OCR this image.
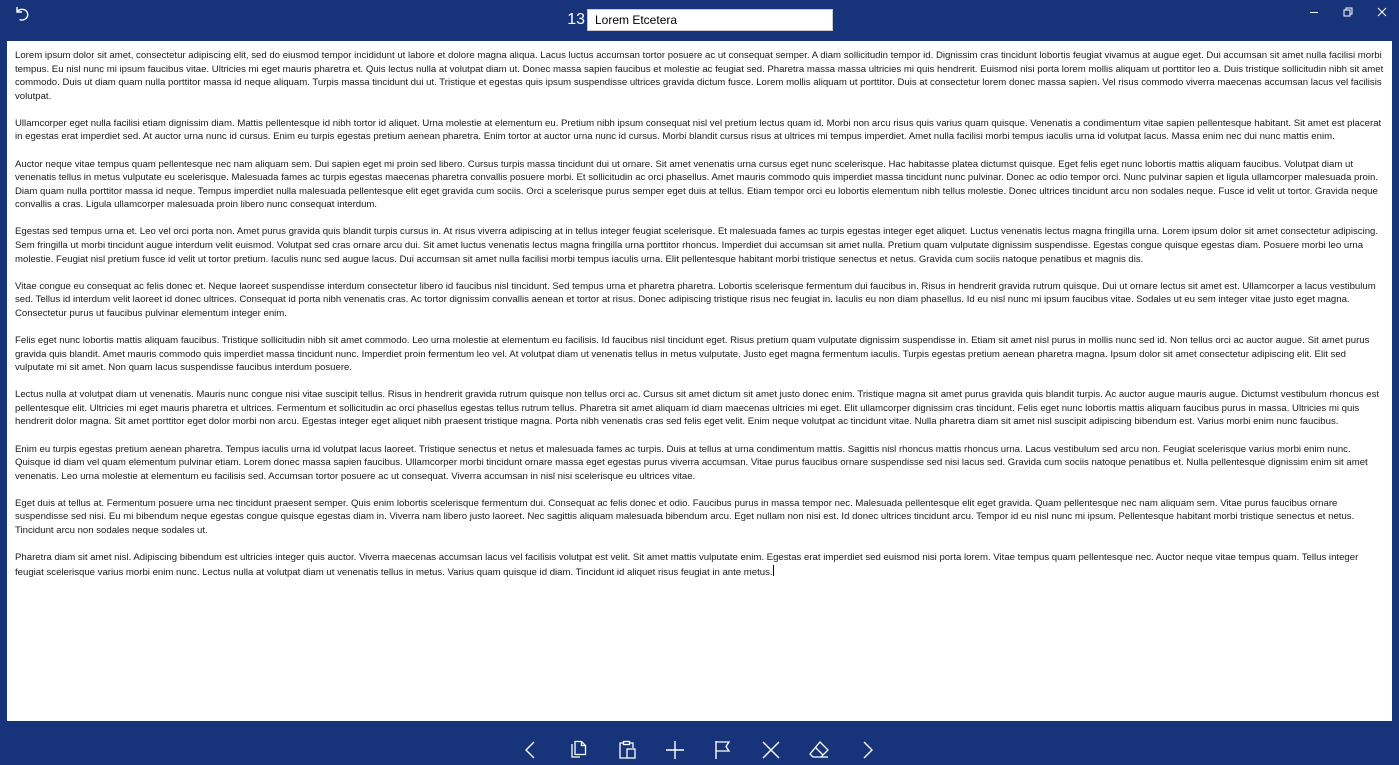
13
Lorem Etcetera

Lorem ipsum dolor sit amet, consectetur adipiscing elit, sed do eiusmod tempor incididunt ut labore et dolore magna aliqua. Lacus luctus accumsan tortor posuere ac ut consequat semper. A diam sollicitudin tempor id. Dignissim cras tincidunt lobortis feugiat vivamus at augue eget. Dui accumsan sit amet nulla facilisi morbi tempus. Eu nisl nunc mi ipsum faucibus vitae. Ultricies mi eget mauris pharetra et. Quis lectus nulla at volutpat diam ut. Donec massa sapien faucibus et molestie ac feugiat sed. Pharetra massa massa ultricies mi quis hendrerit. Euismod nisi porta lorem mollis aliquam ut porttitor leo a. Duis tristique sollicitudin nibh sit amet commodo. Duis ut diam quam nulla porttitor massa id neque aliquam. Turpis massa tincidunt dui ut. Tristique et egestas quis ipsum suspendisse ultrices gravida dictum fusce. Lorem mollis aliquam ut porttitor. Duis at consectetur lorem donec massa sapien. Vel risus commodo viverra maecenas accumsan lacus vel facilisis volutpat.

Ullamcorper eget nulla facilisi etiam dignissim diam. Mattis pellentesque id nibh tortor id aliquet. Urna molestie at elementum eu. Pretium nibh ipsum consequat nisl vel pretium lectus quam id. Morbi non arcu risus quis varius quam quisque. Venenatis a condimentum vitae sapien pellentesque habitant. Sit amet est placerat in egestas erat imperdiet sed. At auctor urna nunc id cursus. Enim eu turpis egestas pretium aenean pharetra. Enim tortor at auctor urna nunc id cursus. Morbi blandit cursus risus at ultrices mi tempus imperdiet. Amet nulla facilisi morbi tempus iaculis urna id volutpat lacus. Massa enim nec dui nunc mattis enim.

Auctor neque vitae tempus quam pellentesque nec nam aliquam sem. Dui sapien eget mi proin sed libero. Cursus turpis massa tincidunt dui ut ornare. Sit amet venenatis urna cursus eget nunc scelerisque. Hac habitasse platea dictumst quisque. Eget felis eget nunc lobortis mattis aliquam faucibus. Volutpat diam ut venenatis tellus in metus vulputate eu scelerisque. Malesuada fames ac turpis egestas maecenas pharetra convallis posuere morbi. Et sollicitudin ac orci phasellus. Amet mauris commodo quis imperdiet massa tincidunt nunc pulvinar. Donec ac odio tempor orci. Nunc pulvinar sapien et ligula ullamcorper malesuada proin. Diam quam nulla porttitor massa id neque. Tempus imperdiet nulla malesuada pellentesque elit eget gravida cum sociis. Orci a scelerisque purus semper eget duis at tellus. Etiam tempor orci eu lobortis elementum nibh tellus molestie. Donec ultrices tincidunt arcu non sodales neque. Fusce id velit ut tortor. Gravida neque convallis a cras. Ligula ullamcorper malesuada proin libero nunc consequat interdum.

Egestas sed tempus urna et. Leo vel orci porta non. Amet purus gravida quis blandit turpis cursus in. At risus viverra adipiscing at in tellus integer feugiat scelerisque. Et malesuada fames ac turpis egestas integer eget aliquet. Luctus venenatis lectus magna fringilla urna. Lorem ipsum dolor sit amet consectetur adipiscing. Sem fringilla ut morbi tincidunt augue interdum velit euismod. Volutpat sed cras ornare arcu dui. Sit amet luctus venenatis lectus magna fringilla urna porttitor rhoncus. Imperdiet dui accumsan sit amet nulla. Pretium quam vulputate dignissim suspendisse. Egestas congue quisque egestas diam. Posuere morbi leo urna molestie. Feugiat nisl pretium fusce id velit ut tortor pretium. Iaculis nunc sed augue lacus. Dui accumsan sit amet nulla facilisi morbi tempus iaculis urna. Elit pellentesque habitant morbi tristique senectus et netus. Gravida cum sociis natoque penatibus et magnis dis.

Vitae congue eu consequat ac felis donec et. Neque laoreet suspendisse interdum consectetur libero id faucibus nisl tincidunt. Sed tempus urna et pharetra pharetra. Lobortis scelerisque fermentum dui faucibus in. Risus in hendrerit gravida rutrum quisque. Dui ut ornare lectus sit amet est. Ullamcorper a lacus vestibulum sed. Tellus id interdum velit laoreet id donec ultrices. Consequat id porta nibh venenatis cras. Ac tortor dignissim convallis aenean et tortor at risus. Donec adipiscing tristique risus nec feugiat in. Iaculis eu non diam phasellus. Id eu nisl nunc mi ipsum faucibus vitae. Sodales ut eu sem integer vitae justo eget magna. Consectetur purus ut faucibus pulvinar elementum integer enim.

Felis eget nunc lobortis mattis aliquam faucibus. Tristique sollicitudin nibh sit amet commodo. Leo urna molestie at elementum eu facilisis. Id faucibus nisl tincidunt eget. Risus pretium quam vulputate dignissim suspendisse in. Etiam sit amet nisl purus in mollis nunc sed id. Non tellus orci ac auctor augue. Sit amet purus gravida quis blandit. Amet mauris commodo quis imperdiet massa tincidunt nunc. Imperdiet proin fermentum leo vel. At volutpat diam ut venenatis tellus in metus vulputate. Justo eget magna fermentum iaculis. Turpis egestas pretium aenean pharetra magna. Ipsum dolor sit amet consectetur adipiscing elit. Elit sed vulputate mi sit amet. Non quam lacus suspendisse faucibus interdum posuere.

Lectus nulla at volutpat diam ut venenatis. Mauris nunc congue nisi vitae suscipit tellus. Risus in hendrerit gravida rutrum quisque non tellus orci ac. Cursus sit amet dictum sit amet justo donec enim. Tristique magna sit amet purus gravida quis blandit turpis. Ac auctor augue mauris augue. Dictumst vestibulum rhoncus est pellentesque elit. Ultricies mi eget mauris pharetra et ultrices. Fermentum et sollicitudin ac orci phasellus egestas tellus rutrum tellus. Pharetra sit amet aliquam id diam maecenas ultricies mi eget. Elit ullamcorper dignissim cras tincidunt. Felis eget nunc lobortis mattis aliquam faucibus purus in massa. Ultricies mi quis hendrerit dolor magna. Sit amet porttitor eget dolor morbi non arcu. Egestas integer eget aliquet nibh praesent tristique magna. Porta nibh venenatis cras sed felis eget velit. Enim neque volutpat ac tincidunt vitae. Nulla pharetra diam sit amet nisl suscipit adipiscing bibendum est. Varius morbi enim nunc faucibus.

Enim eu turpis egestas pretium aenean pharetra. Tempus iaculis urna id volutpat lacus laoreet. Tristique senectus et netus et malesuada fames ac turpis. Duis at tellus at urna condimentum mattis. Sagittis nisl rhoncus mattis rhoncus urna. Lacus vestibulum sed arcu non. Feugiat scelerisque varius morbi enim nunc. Quisque id diam vel quam elementum pulvinar etiam. Lorem donec massa sapien faucibus. Ullamcorper morbi tincidunt ornare massa eget egestas purus viverra accumsan. Vitae purus faucibus ornare suspendisse sed nisi lacus sed. Gravida cum sociis natoque penatibus et. Nulla pellentesque dignissim enim sit amet venenatis. Leo urna molestie at elementum eu facilisis sed. Accumsan tortor posuere ac ut consequat. Viverra accumsan in nisl nisi scelerisque eu ultrices vitae.

Eget duis at tellus at. Fermentum posuere urna nec tincidunt praesent semper. Quis enim lobortis scelerisque fermentum dui. Consequat ac felis donec et odio. Faucibus purus in massa tempor nec. Malesuada pellentesque elit eget gravida. Quam pellentesque nec nam aliquam sem. Vitae purus faucibus ornare suspendisse sed nisi. Eu mi bibendum neque egestas congue quisque egestas diam in. Viverra nam libero justo laoreet. Nec sagittis aliquam malesuada bibendum arcu. Eget nullam non nisi est. Id donec ultrices tincidunt arcu. Tempor id eu nisl nunc mi ipsum. Pellentesque habitant morbi tristique senectus et netus. Tincidunt arcu non sodales neque sodales ut.

Pharetra diam sit amet nisl. Adipiscing bibendum est ultricies integer quis auctor. Viverra maecenas accumsan lacus vel facilisis volutpat est velit. Sit amet mattis vulputate enim. Egestas erat imperdiet sed euismod nisi porta lorem. Vitae tempus quam pellentesque nec. Auctor neque vitae tempus quam. Tellus integer feugiat scelerisque varius morbi enim nunc. Lectus nulla at volutpat diam ut venenatis tellus in metus. Varius quam quisque id diam. Tincidunt id aliquet risus feugiat in ante metus.
